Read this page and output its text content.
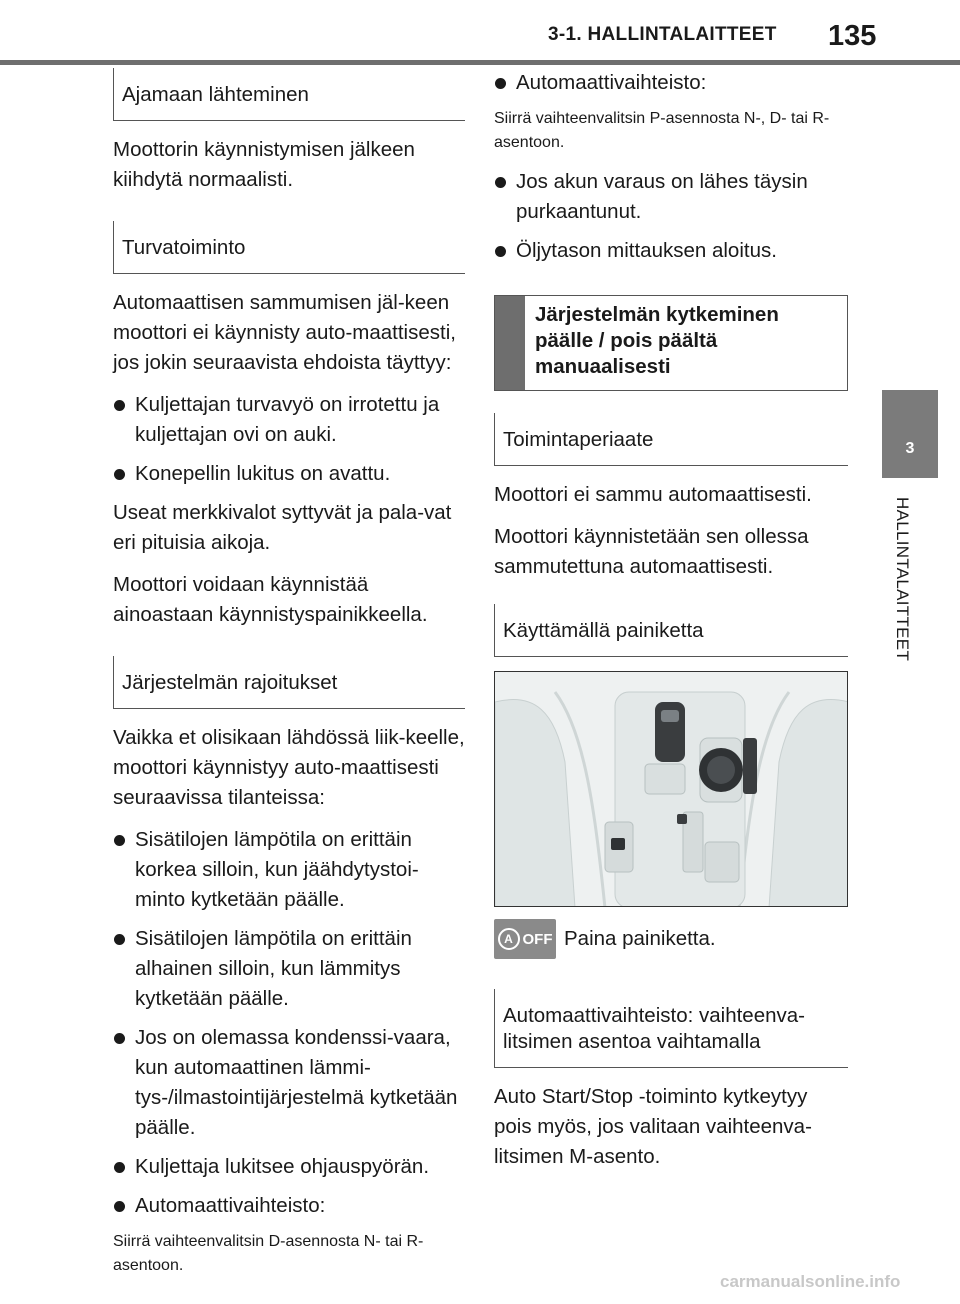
3-1. HALLINTALAITTEET 135
3
HALLINTALAITTEET
Ajamaan lähteminen
Moottorin käynnistymisen jälkeen kiihdytä normaalisti.
Turvatoiminto
Automaattisen sammumisen jäl-keen moottori ei käynnisty auto-maattisesti, jos jokin seuraavista ehdoista täyttyy:
Kuljettajan turvavyö on irrotettu ja kuljettajan ovi on auki.
Konepellin lukitus on avattu.
Useat merkkivalot syttyvät ja pala-vat eri pituisia aikoja.
Moottori voidaan käynnistää ainoastaan käynnistyspainikkeella.
Järjestelmän rajoitukset
Vaikka et olisikaan lähdössä liik-keelle, moottori käynnistyy auto-maattisesti seuraavissa tilanteissa:
Sisätilojen lämpötila on erittäin korkea silloin, kun jäähdytystoi-minto kytketään päälle.
Sisätilojen lämpötila on erittäin alhainen silloin, kun lämmitys kytketään päälle.
Jos on olemassa kondenssi-vaara, kun automaattinen lämmi-tys-/ilmastointijärjestelmä kytketään päälle.
Kuljettaja lukitsee ohjauspyörän.
Automaattivaihteisto:
Siirrä vaihteenvalitsin D-asennosta N- tai R-asentoon.
Automaattivaihteisto:
Siirrä vaihteenvalitsin P-asennosta N-, D- tai R-asentoon.
Jos akun varaus on lähes täysin purkaantunut.
Öljytason mittauksen aloitus.
Järjestelmän kytkeminen päälle / pois päältä manuaalisesti
Toimintaperiaate
Moottori ei sammu automaattisesti.
Moottori käynnistetään sen ollessa sammutettuna automaattisesti.
Käyttämällä painiketta
A OFF Paina painiketta.
Automaattivaihteisto: vaihteenva-litsimen asentoa vaihtamalla
Auto Start/Stop -toiminto kytkeytyy pois myös, jos valitaan vaihteenva-litsimen M-asento.
carmanualsonline.info
